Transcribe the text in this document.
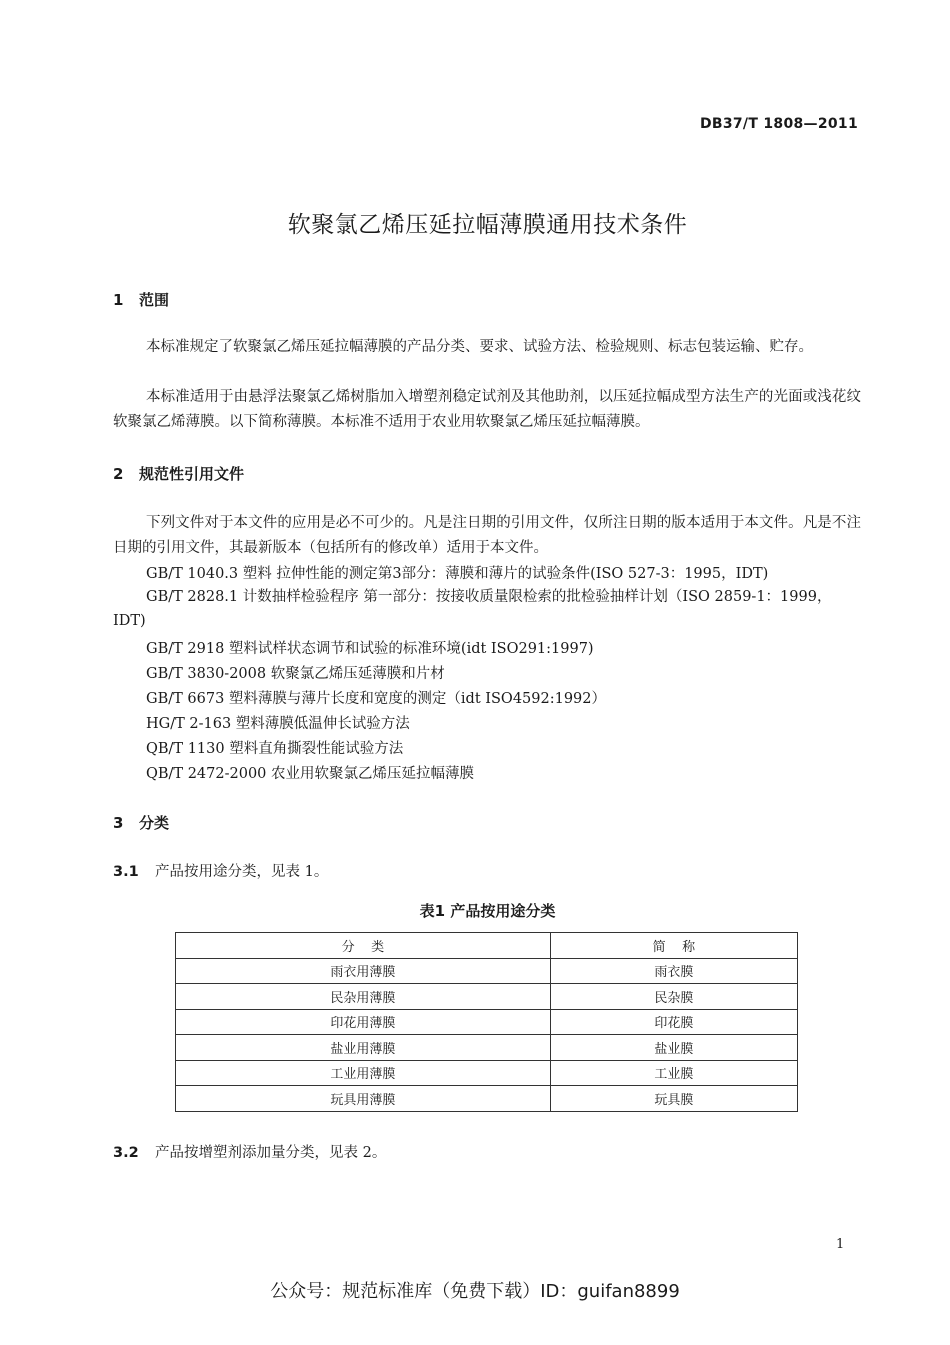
DB37/T 1808—2011
软聚氯乙烯压延拉幅薄膜通用技术条件
1 范围
本标准规定了软聚氯乙烯压延拉幅薄膜的产品分类、要求、试验方法、检验规则、标志包装运输、贮存。
本标准适用于由悬浮法聚氯乙烯树脂加入增塑剂稳定试剂及其他助剂，以压延拉幅成型方法生产的光面或浅花纹软聚氯乙烯薄膜。以下简称薄膜。本标准不适用于农业用软聚氯乙烯压延拉幅薄膜。
2 规范性引用文件
下列文件对于本文件的应用是必不可少的。凡是注日期的引用文件，仅所注日期的版本适用于本文件。凡是不注日期的引用文件，其最新版本（包括所有的修改单）适用于本文件。
GB/T 1040.3 塑料 拉伸性能的测定第3部分：薄膜和薄片的试验条件(ISO 527-3：1995，IDT)
GB/T 2828.1 计数抽样检验程序 第一部分：按接收质量限检索的批检验抽样计划（ISO 2859-1：1999，IDT)
GB/T 2918 塑料试样状态调节和试验的标准环境(idt ISO291:1997)
GB/T 3830-2008 软聚氯乙烯压延薄膜和片材
GB/T 6673 塑料薄膜与薄片长度和宽度的测定（idt ISO4592:1992）
HG/T 2-163 塑料薄膜低温伸长试验方法
QB/T 1130 塑料直角撕裂性能试验方法
QB/T 2472-2000 农业用软聚氯乙烯压延拉幅薄膜
3 分类
3.1 产品按用途分类，见表 1。
表1 产品按用途分类
分    类	简    称
雨衣用薄膜	雨衣膜
民杂用薄膜	民杂膜
印花用薄膜	印花膜
盐业用薄膜	盐业膜
工业用薄膜	工业膜
玩具用薄膜	玩具膜
3.2 产品按增塑剂添加量分类，见表 2。
1
公众号：规范标准库（免费下载）ID：guifan8899
